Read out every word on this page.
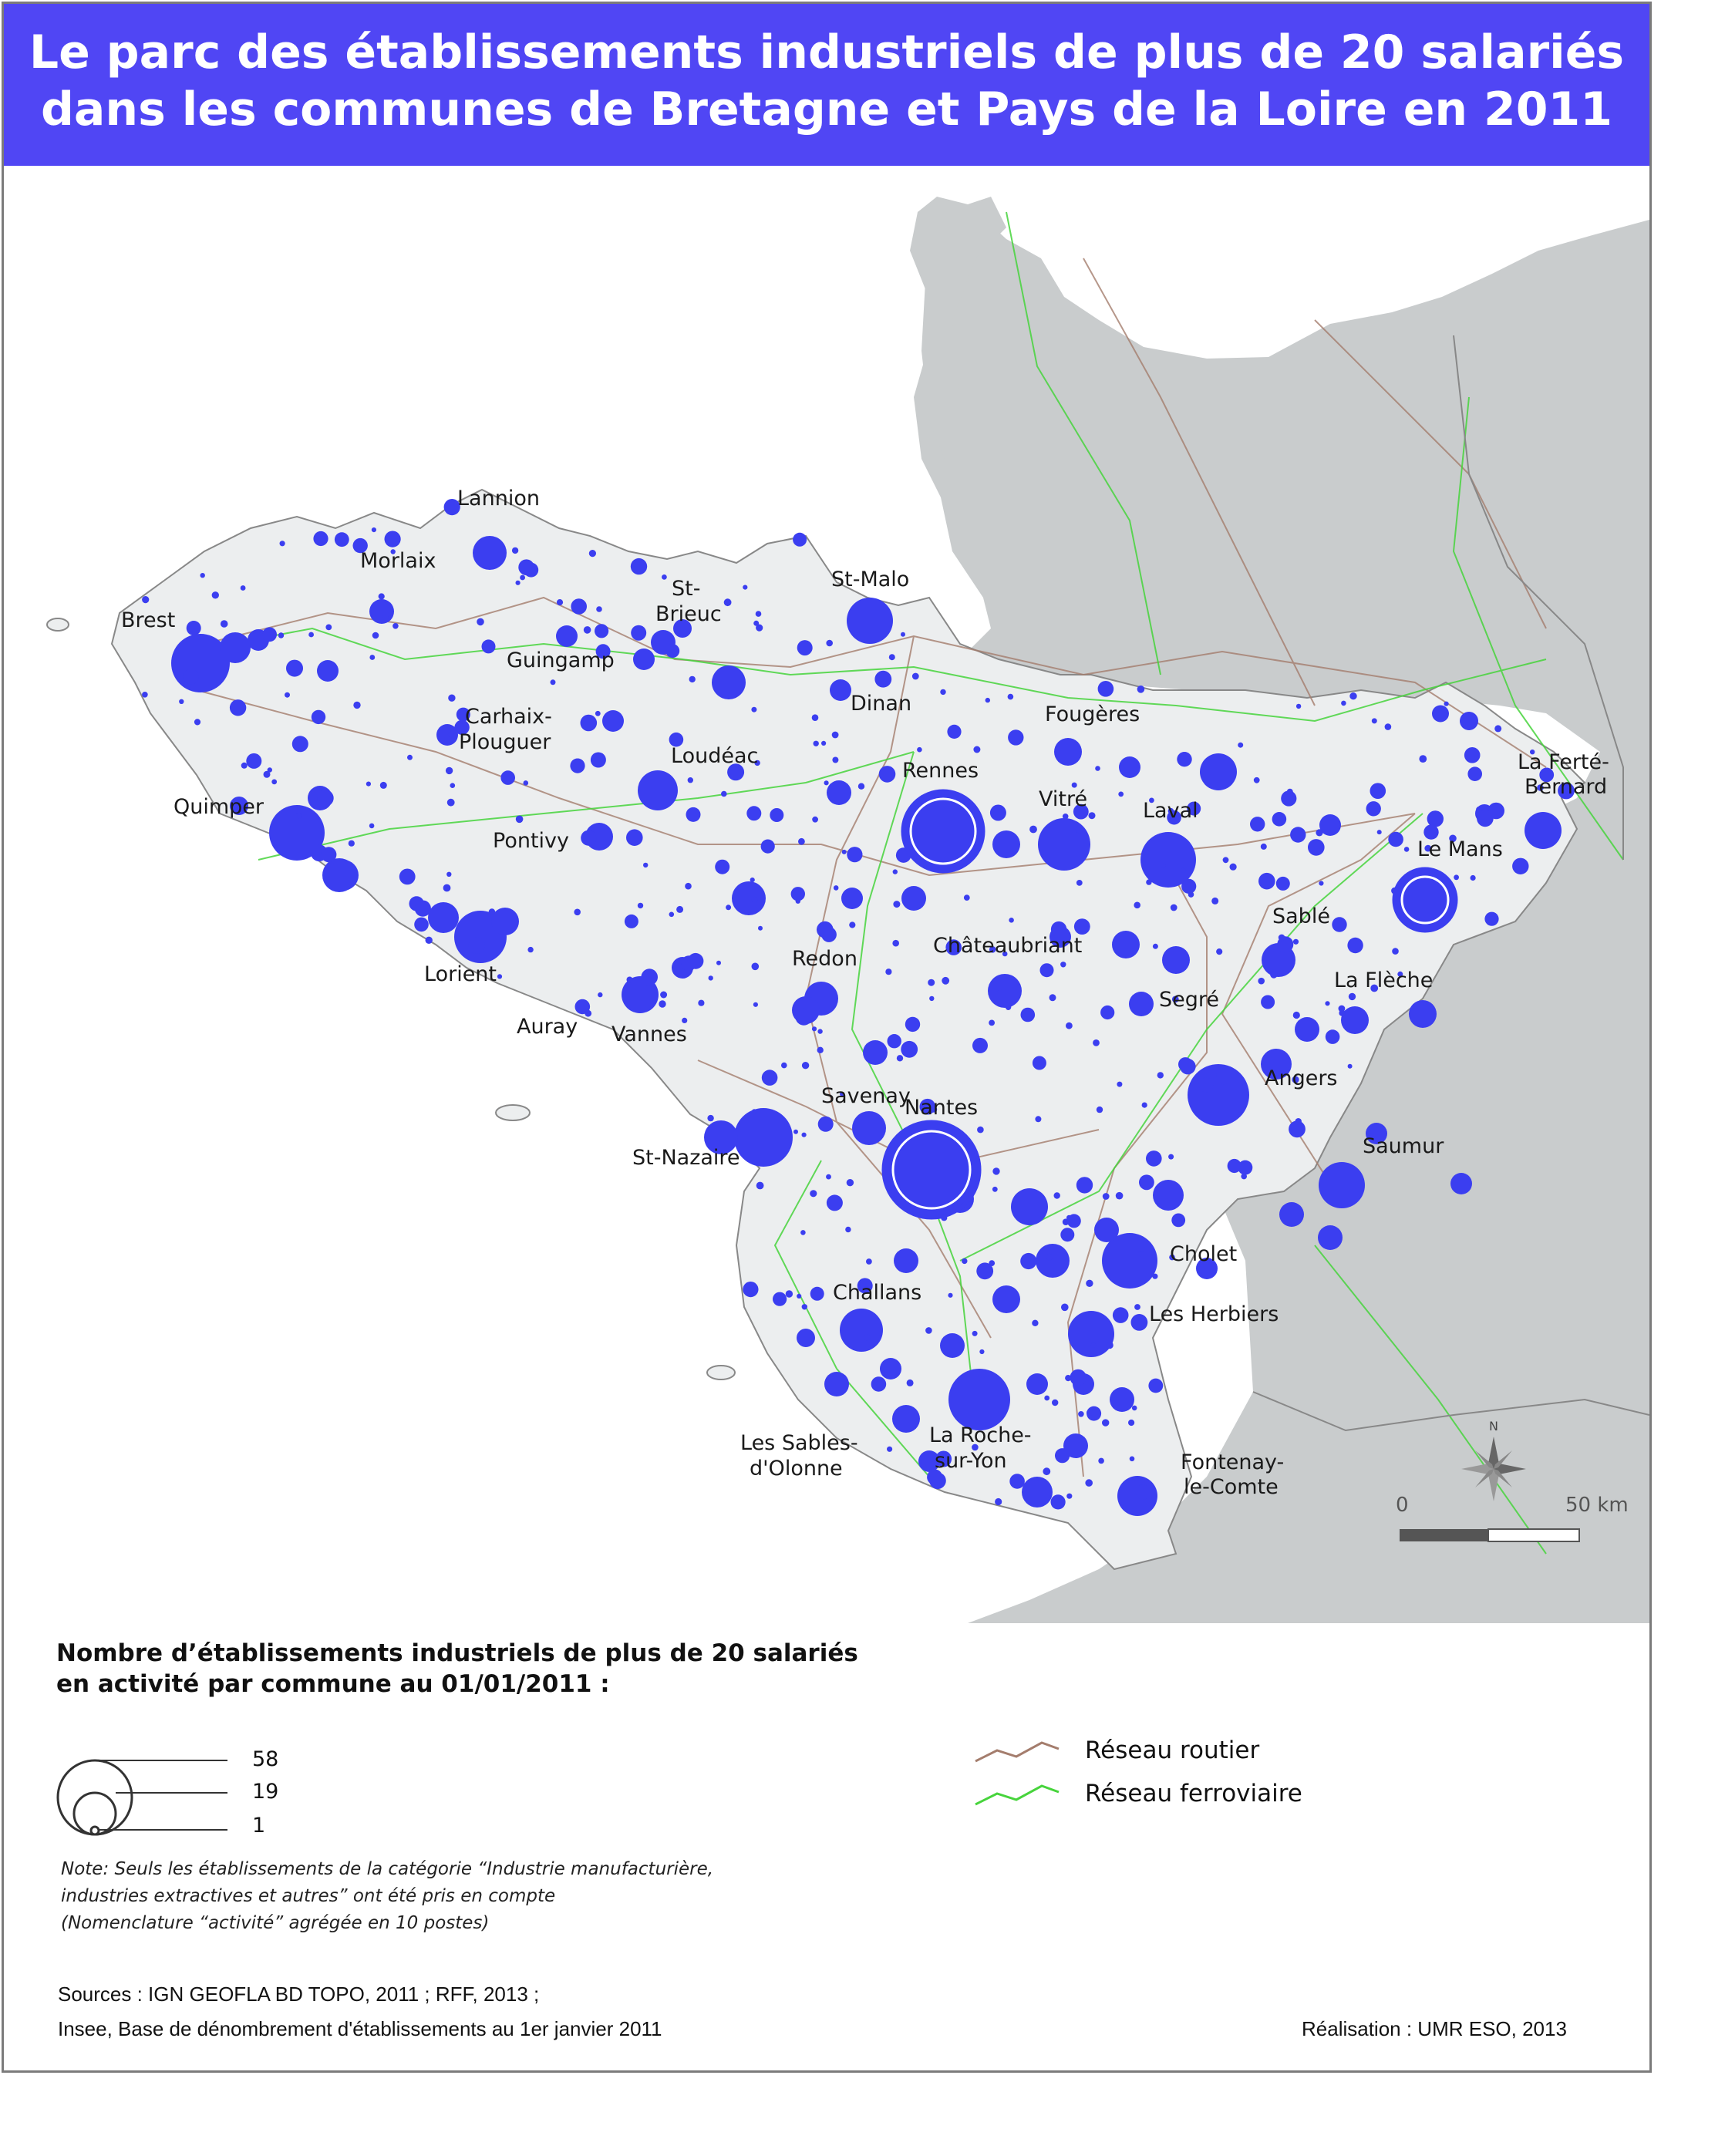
Le parc des établissements industriels de plus de 20 salariés
dans les communes de Bretagne et Pays de la Loire en 2011
Lannion
Morlaix
Brest
St-
Brieuc
St-Malo
Guingamp
Dinan
Carhaix-
Plouguer
Fougères
Loudéac
Rennes	La Ferté-
Bernard
Quimper	Vitré	Laval
Pontivy	Le Mans
Sablé
Lorient
Redon
Châteaubriant
Segré
La Flèche
Auray Vannes
Angers
Savenay
Nantes
St-Nazaire	Saumur
Cholet
Challans
Les Herbiers
Les Sables-
d'Olonne
La Roche-
sur-Yon	Fontenay-
le-Comte
N
0	50 km
Nombre d’établissements industriels de plus de 20 salariés
en activité par commune au 01/01/2011 :
58
19
1
Réseau routier
Réseau ferroviaire
Note: Seuls les établissements de la catégorie “Industrie manufacturière,
industries extractives et autres” ont été pris en compte
(Nomenclature “activité” agrégée en 10 postes)
Sources : IGN GEOFLA BD TOPO, 2011 ; RFF, 2013 ;
Insee, Base de dénombrement d'établissements au 1er janvier 2011	Réalisation : UMR ESO, 2013
